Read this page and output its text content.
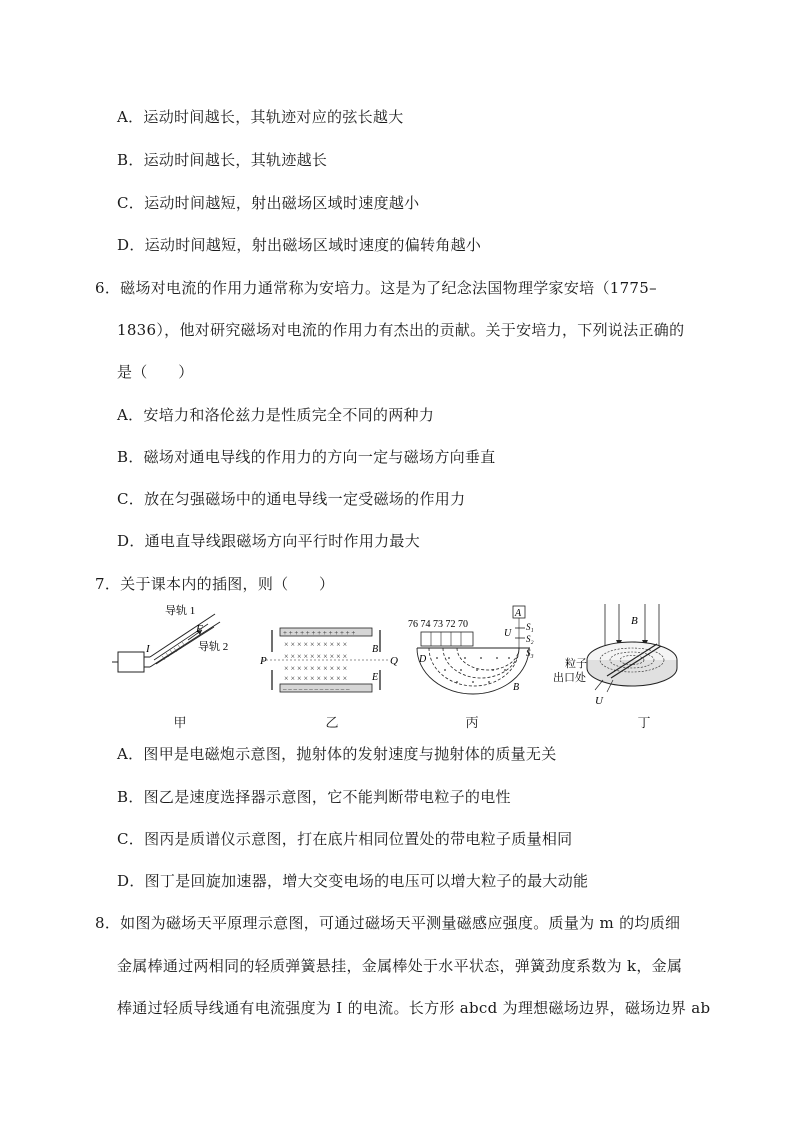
A．运动时间越长，其轨迹对应的弦长越大
B．运动时间越长，其轨迹越长
C．运动时间越短，射出磁场区域时速度越小
D．运动时间越短，射出磁场区域时速度的偏转角越小
6．磁场对电流的作用力通常称为安培力。这是为了纪念法国物理学家安培（1775–
1836），他对研究磁场对电流的作用力有杰出的贡献。关于安培力，下列说法正确的
是（　　）
A．安培力和洛伦兹力是性质完全不同的两种力
B．磁场对通电导线的作用力的方向一定与磁场方向垂直
C．放在匀强磁场中的通电导线一定受磁场的作用力
D．通电直导线跟磁场方向平行时作用力最大
7．关于课本内的插图，则（　　）
导轨 1
导轨 2
I
F
甲
+ + + + + + + + + + + + +
– – – – – – – – – – – – –
× × × × × × × × × ×
× × × × × × × × × ×
× × × × × × × × × ×
× × × × × × × × × ×
P	Q
B
E
乙
76 74 73 72 70
A
U
S₁
S₂
S₃
D
B
丙
B
粒子
出口处
U
丁
A．图甲是电磁炮示意图，抛射体的发射速度与抛射体的质量无关
B．图乙是速度选择器示意图，它不能判断带电粒子的电性
C．图丙是质谱仪示意图，打在底片相同位置处的带电粒子质量相同
D．图丁是回旋加速器，增大交变电场的电压可以增大粒子的最大动能
8．如图为磁场天平原理示意图，可通过磁场天平测量磁感应强度。质量为 m 的均质细
金属棒通过两相同的轻质弹簧悬挂，金属棒处于水平状态，弹簧劲度系数为 k，金属
棒通过轻质导线通有电流强度为 I 的电流。长方形 abcd 为理想磁场边界，磁场边界 ab
